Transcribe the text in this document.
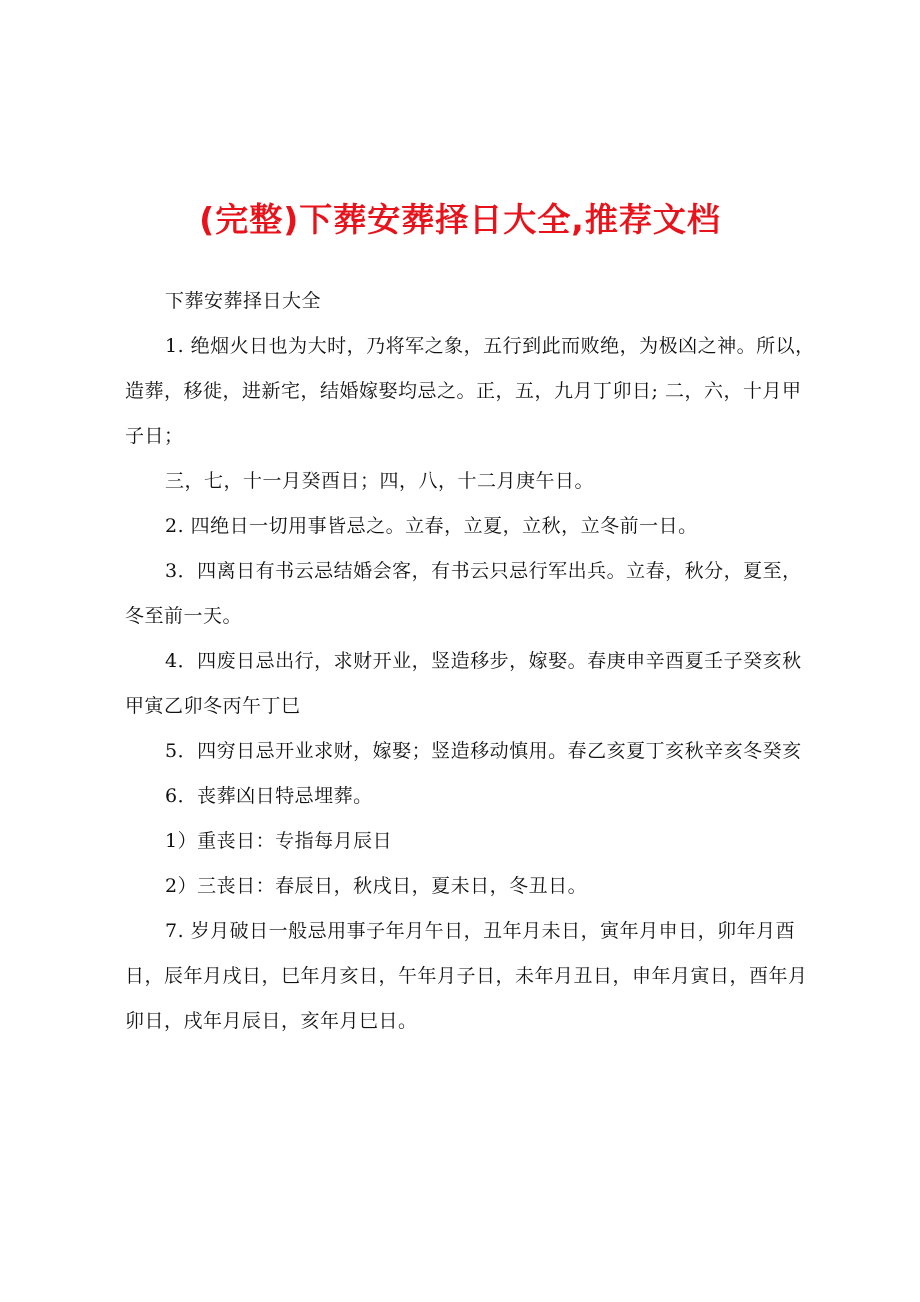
(完整)下葬安葬择日大全,推荐文档

下葬安葬择日大全

1. 绝烟火日也为大时，乃将军之象，五行到此而败绝，为极凶之神。所以，造葬，移徙，进新宅，结婚嫁娶均忌之。正，五，九月丁卯日; 二，六，十月甲子日；

三，七，十一月癸酉日；四，八，十二月庚午日。

2. 四绝日一切用事皆忌之。立春，立夏，立秋，立冬前一日。

3．四离日有书云忌结婚会客，有书云只忌行军出兵。立春，秋分，夏至，冬至前一天。

4．四废日忌出行，求财开业，竖造移步，嫁娶。春庚申辛酉夏壬子癸亥秋甲寅乙卯冬丙午丁巳

5．四穷日忌开业求财，嫁娶；竖造移动慎用。春乙亥夏丁亥秋辛亥冬癸亥

6．丧葬凶日特忌埋葬。

1）重丧日：专指每月辰日

2）三丧日：春辰日，秋戌日，夏未日，冬丑日。

7. 岁月破日一般忌用事子年月午日，丑年月未日，寅年月申日，卯年月酉日，辰年月戌日，巳年月亥日，午年月子日，未年月丑日，申年月寅日，酉年月卯日，戌年月辰日，亥年月巳日。
